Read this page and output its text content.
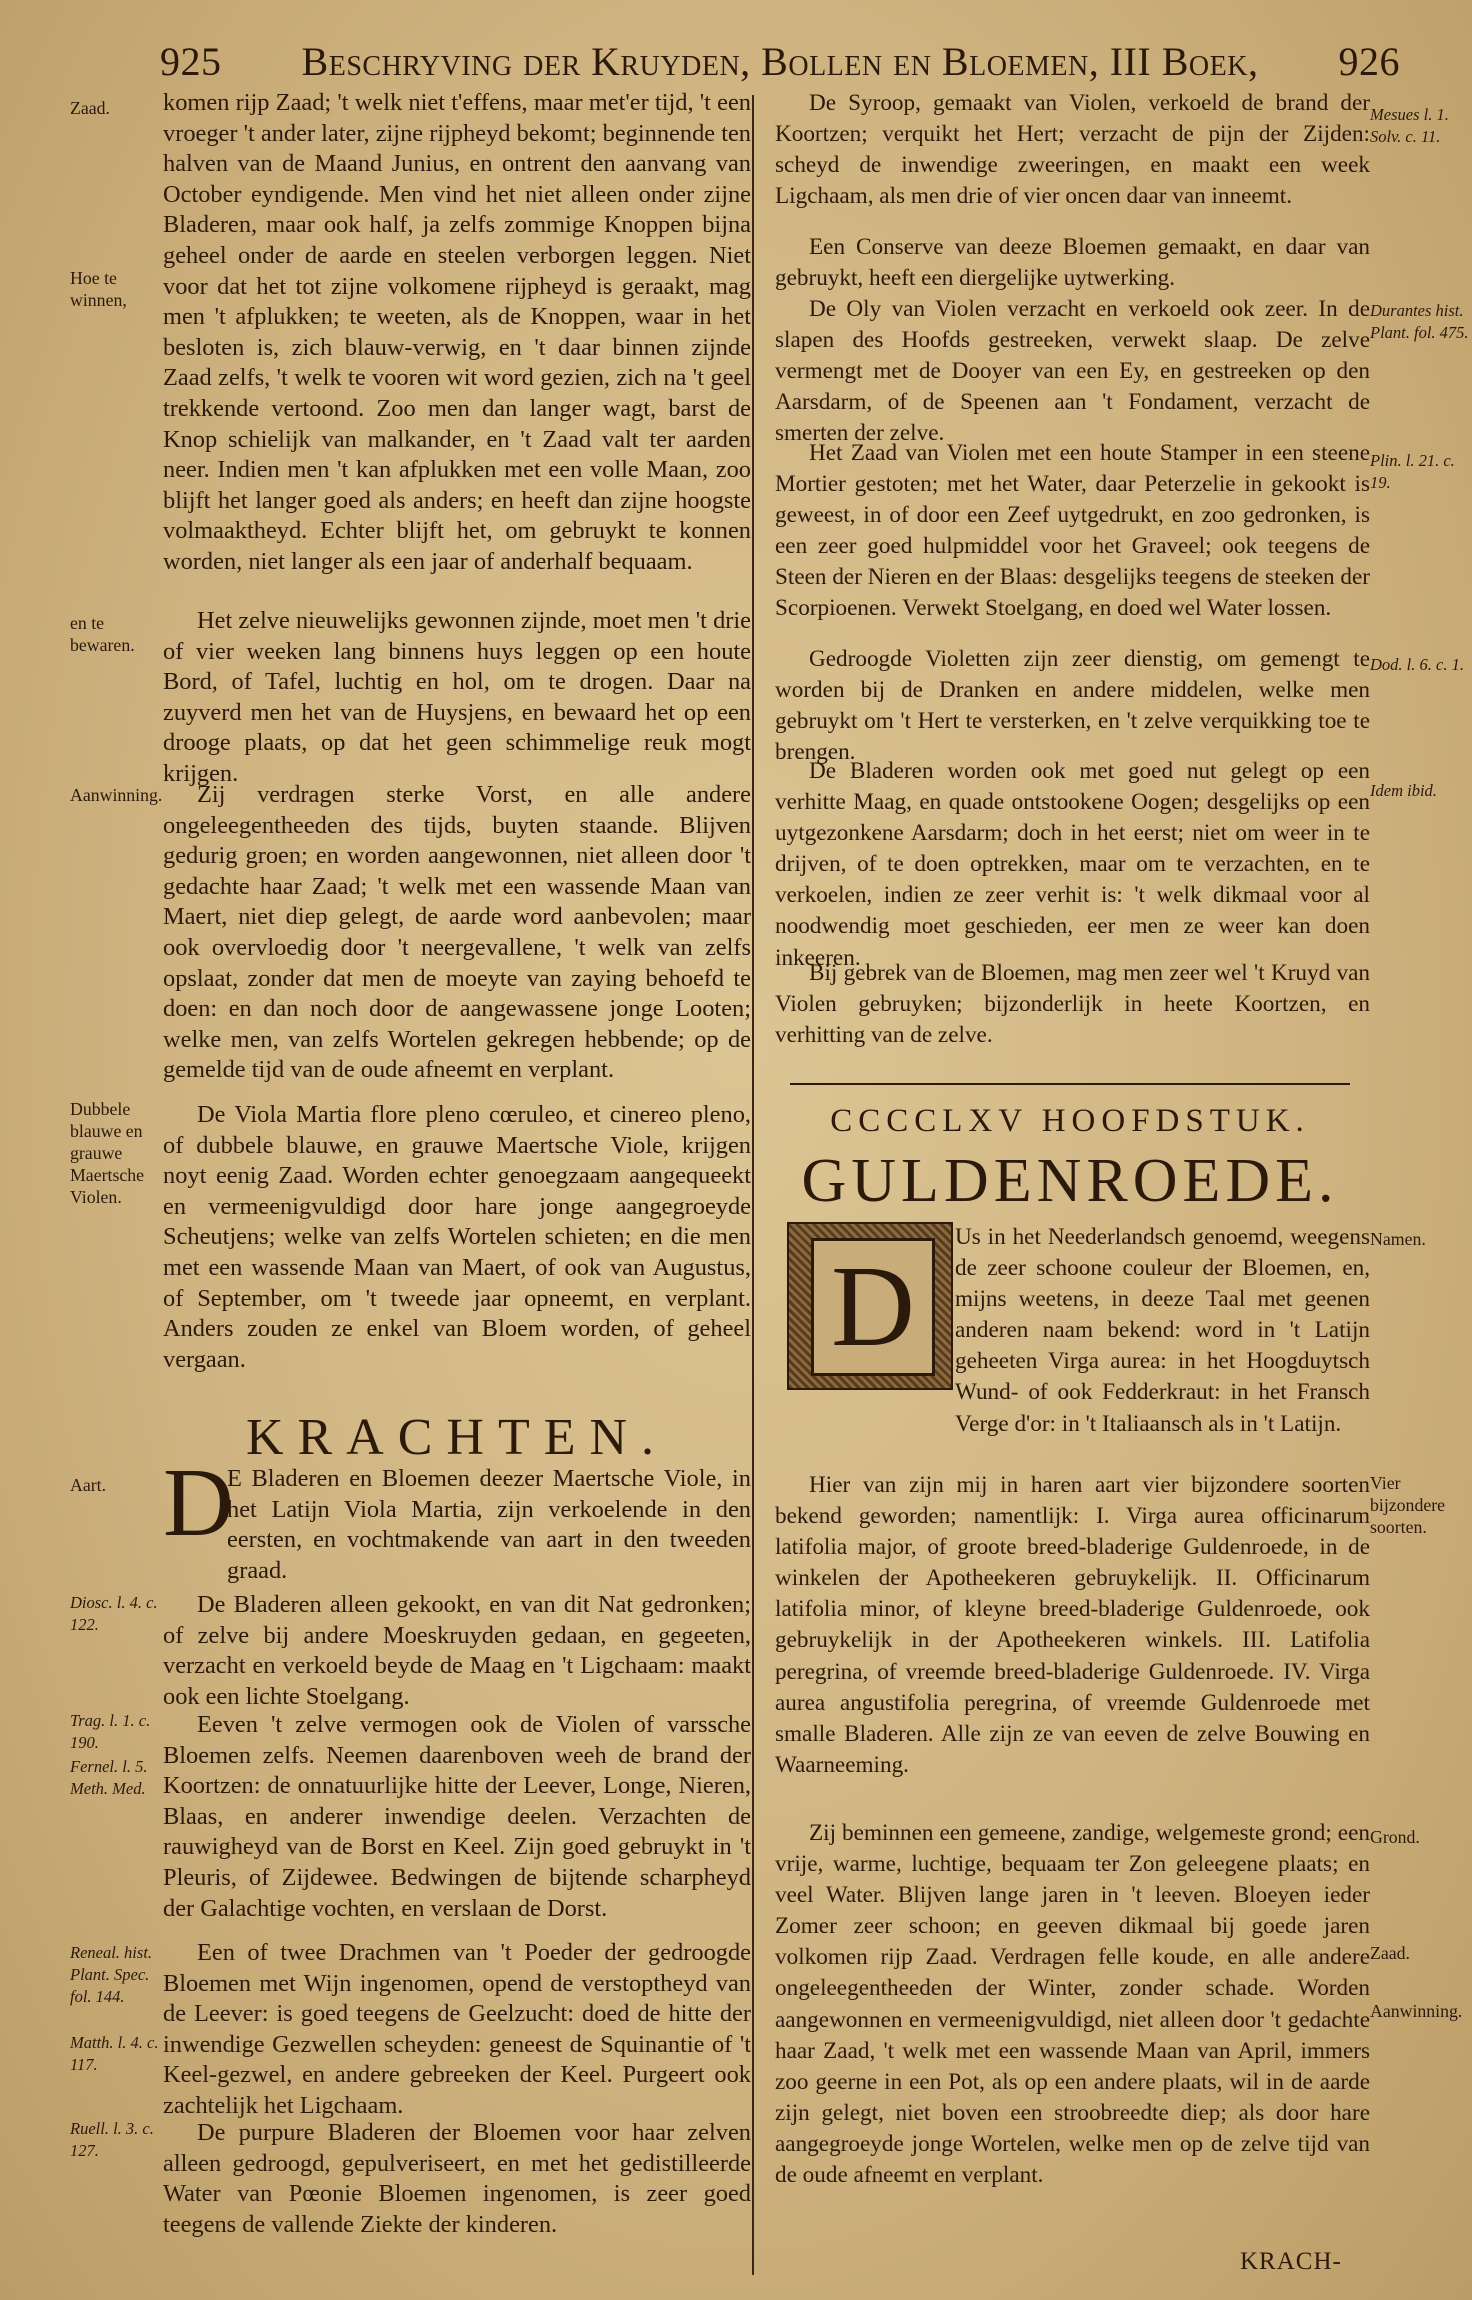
925 Beschryving der Kruyden, Bollen en Bloemen, III Boek, 926

komen rijp Zaad; 't welk niet t'effens, maar met'er tijd, 't een vroeger 't ander later, zijne rijpheyd bekomt; beginnende ten halven van de Maand Junius, en ontrent den aanvang van October eyndigende. Men vind het niet alleen onder zijne Bladeren, maar ook half, ja zelfs zommige Knoppen bijna geheel onder de aarde en steelen verborgen leggen. Niet voor dat het tot zijne volkomene rijpheyd is geraakt, mag men 't afplukken; te weeten, als de Knoppen, waar in het besloten is, zich blauw-verwig, en 't daar binnen zijnde Zaad zelfs, 't welk te vooren wit word gezien, zich na 't geel trekkende vertoond. Zoo men dan langer wagt, barst de Knop schielijk van malkander, en 't Zaad valt ter aarden neer. Indien men 't kan afplukken met een volle Maan, zoo blijft het langer goed als anders; en heeft dan zijne hoogste volmaaktheyd. Echter blijft het, om gebruykt te konnen worden, niet langer als een jaar of anderhalf bequaam.

Het zelve nieuwelijks gewonnen zijnde, moet men 't drie of vier weeken lang binnens huys leggen op een houte Bord, of Tafel, luchtig en hol, om te drogen. Daar na zuyverd men het van de Huysjens, en bewaard het op een drooge plaats, op dat het geen schimmelige reuk mogt krijgen.

Zij verdragen sterke Vorst, en alle andere ongeleegentheeden des tijds, buyten staande. Blijven gedurig groen; en worden aangewonnen, niet alleen door 't gedachte haar Zaad; 't welk met een wassende Maan van Maert, niet diep gelegt, de aarde word aanbevolen; maar ook overvloedig door 't neergevallene, 't welk van zelfs opslaat, zonder dat men de moeyte van zaying behoefd te doen: en dan noch door de aangewassene jonge Looten; welke men, van zelfs Wortelen gekregen hebbende; op de gemelde tijd van de oude afneemt en verplant.

De Viola Martia flore pleno cœruleo, et cinereo pleno, of dubbele blauwe, en grauwe Maertsche Viole, krijgen noyt eenig Zaad. Worden echter genoegzaam aangequeekt en vermeenigvuldigd door hare jonge aangegroeyde Scheutjens; welke van zelfs Wortelen schieten; en die men met een wassende Maan van Maert, of ook van Augustus, of September, om 't tweede jaar opneemt, en verplant. Anders zouden ze enkel van Bloem worden, of geheel vergaan.

KRACHTEN.
D

E Bladeren en Bloemen deezer Maertsche Viole, in het Latijn Viola Martia, zijn verkoelende in den eersten, en vochtmakende van aart in den tweeden graad.

De Bladeren alleen gekookt, en van dit Nat gedronken; of zelve bij andere Moeskruyden gedaan, en gegeeten, verzacht en verkoeld beyde de Maag en 't Ligchaam: maakt ook een lichte Stoelgang.

Eeven 't zelve vermogen ook de Violen of varssche Bloemen zelfs. Neemen daarenboven weeh de brand der Koortzen: de onnatuurlijke hitte der Leever, Longe, Nieren, Blaas, en anderer inwendige deelen. Verzachten de rauwigheyd van de Borst en Keel. Zijn goed gebruykt in 't Pleuris, of Zijdewee. Bedwingen de bijtende scharpheyd der Galachtige vochten, en verslaan de Dorst.

Een of twee Drachmen van 't Poeder der gedroogde Bloemen met Wijn ingenomen, opend de verstoptheyd van de Leever: is goed teegens de Geelzucht: doed de hitte der inwendige Gezwellen scheyden: geneest de Squinantie of 't Keel-gezwel, en andere gebreeken der Keel. Purgeert ook zachtelijk het Ligchaam.

De purpure Bladeren der Bloemen voor haar zelven alleen gedroogd, gepulveriseert, en met het gedistilleerde Water van Pœonie Bloemen ingenomen, is zeer goed teegens de vallende Ziekte der kinderen.

De Syroop, gemaakt van Violen, verkoeld de brand der Koortzen; verquikt het Hert; verzacht de pijn der Zijden: scheyd de inwendige zweeringen, en maakt een week Ligchaam, als men drie of vier oncen daar van inneemt.

Een Conserve van deeze Bloemen gemaakt, en daar van gebruykt, heeft een diergelijke uytwerking.

De Oly van Violen verzacht en verkoeld ook zeer. In de slapen des Hoofds gestreeken, verwekt slaap. De zelve vermengt met de Dooyer van een Ey, en gestreeken op den Aarsdarm, of de Speenen aan 't Fondament, verzacht de smerten der zelve.

Het Zaad van Violen met een houte Stamper in een steene Mortier gestoten; met het Water, daar Peterzelie in gekookt is geweest, in of door een Zeef uytgedrukt, en zoo gedronken, is een zeer goed hulpmiddel voor het Graveel; ook teegens de Steen der Nieren en der Blaas: desgelijks teegens de steeken der Scorpioenen. Verwekt Stoelgang, en doed wel Water lossen.

Gedroogde Violetten zijn zeer dienstig, om gemengt te worden bij de Dranken en andere middelen, welke men gebruykt om 't Hert te versterken, en 't zelve verquikking toe te brengen.

De Bladeren worden ook met goed nut gelegt op een verhitte Maag, en quade ontstookene Oogen; desgelijks op een uytgezonkene Aarsdarm; doch in het eerst; niet om weer in te drijven, of te doen optrekken, maar om te verzachten, en te verkoelen, indien ze zeer verhit is: 't welk dikmaal voor al noodwendig moet geschieden, eer men ze weer kan doen inkeeren.

Bij gebrek van de Bloemen, mag men zeer wel 't Kruyd van Violen gebruyken; bijzonderlijk in heete Koortzen, en verhitting van de zelve.

CCCCLXV HOOFDSTUK.
GULDENROEDE.
D

Us in het Neederlandsch genoemd, weegens de zeer schoone couleur der Bloemen, en, mijns weetens, in deeze Taal met geenen anderen naam bekend: word in 't Latijn geheeten Virga aurea: in het Hoogduytsch Wund- of ook Fedderkraut: in het Fransch Verge d'or: in 't Italiaansch als in 't Latijn.

Hier van zijn mij in haren aart vier bijzondere soorten bekend geworden; namentlijk: I. Virga aurea officinarum latifolia major, of groote breed-bladerige Guldenroede, in de winkelen der Apotheekeren gebruykelijk. II. Officinarum latifolia minor, of kleyne breed-bladerige Guldenroede, ook gebruykelijk in der Apotheekeren winkels. III. Latifolia peregrina, of vreemde breed-bladerige Guldenroede. IV. Virga aurea angustifolia peregrina, of vreemde Guldenroede met smalle Bladeren. Alle zijn ze van eeven de zelve Bouwing en Waarneeming.

Zij beminnen een gemeene, zandige, welgemeste grond; een vrije, warme, luchtige, bequaam ter Zon geleegene plaats; en veel Water. Blijven lange jaren in 't leeven. Bloeyen ieder Zomer zeer schoon; en geeven dikmaal bij goede jaren volkomen rijp Zaad. Verdragen felle koude, en alle andere ongeleegentheeden der Winter, zonder schade. Worden aangewonnen en vermeenigvuldigd, niet alleen door 't gedachte haar Zaad, 't welk met een wassende Maan van April, immers zoo geerne in een Pot, als op een andere plaats, wil in de aarde zijn gelegt, niet boven een stroobreedte diep; als door hare aangegroeyde jonge Wortelen, welke men op de zelve tijd van de oude afneemt en verplant.

Zaad.
Hoe te winnen,
en te bewaren.
Aanwinning.
Dubbele blauwe en grauwe Maertsche Violen.
Aart.
Diosc. l. 4. c. 122.
Trag. l. 1. c. 190.
Fernel. l. 5. Meth. Med.
Reneal. hist. Plant. Spec. fol. 144.
Matth. l. 4. c. 117.
Ruell. l. 3. c. 127.
Mesues l. 1. Solv. c. 11.
Durantes hist. Plant. fol. 475.
Plin. l. 21. c. 19.
Dod. l. 6. c. 1.
Idem ibid.
Namen.
Vier bijzondere soorten.
Grond.
Zaad.
Aanwinning.
KRACH-
